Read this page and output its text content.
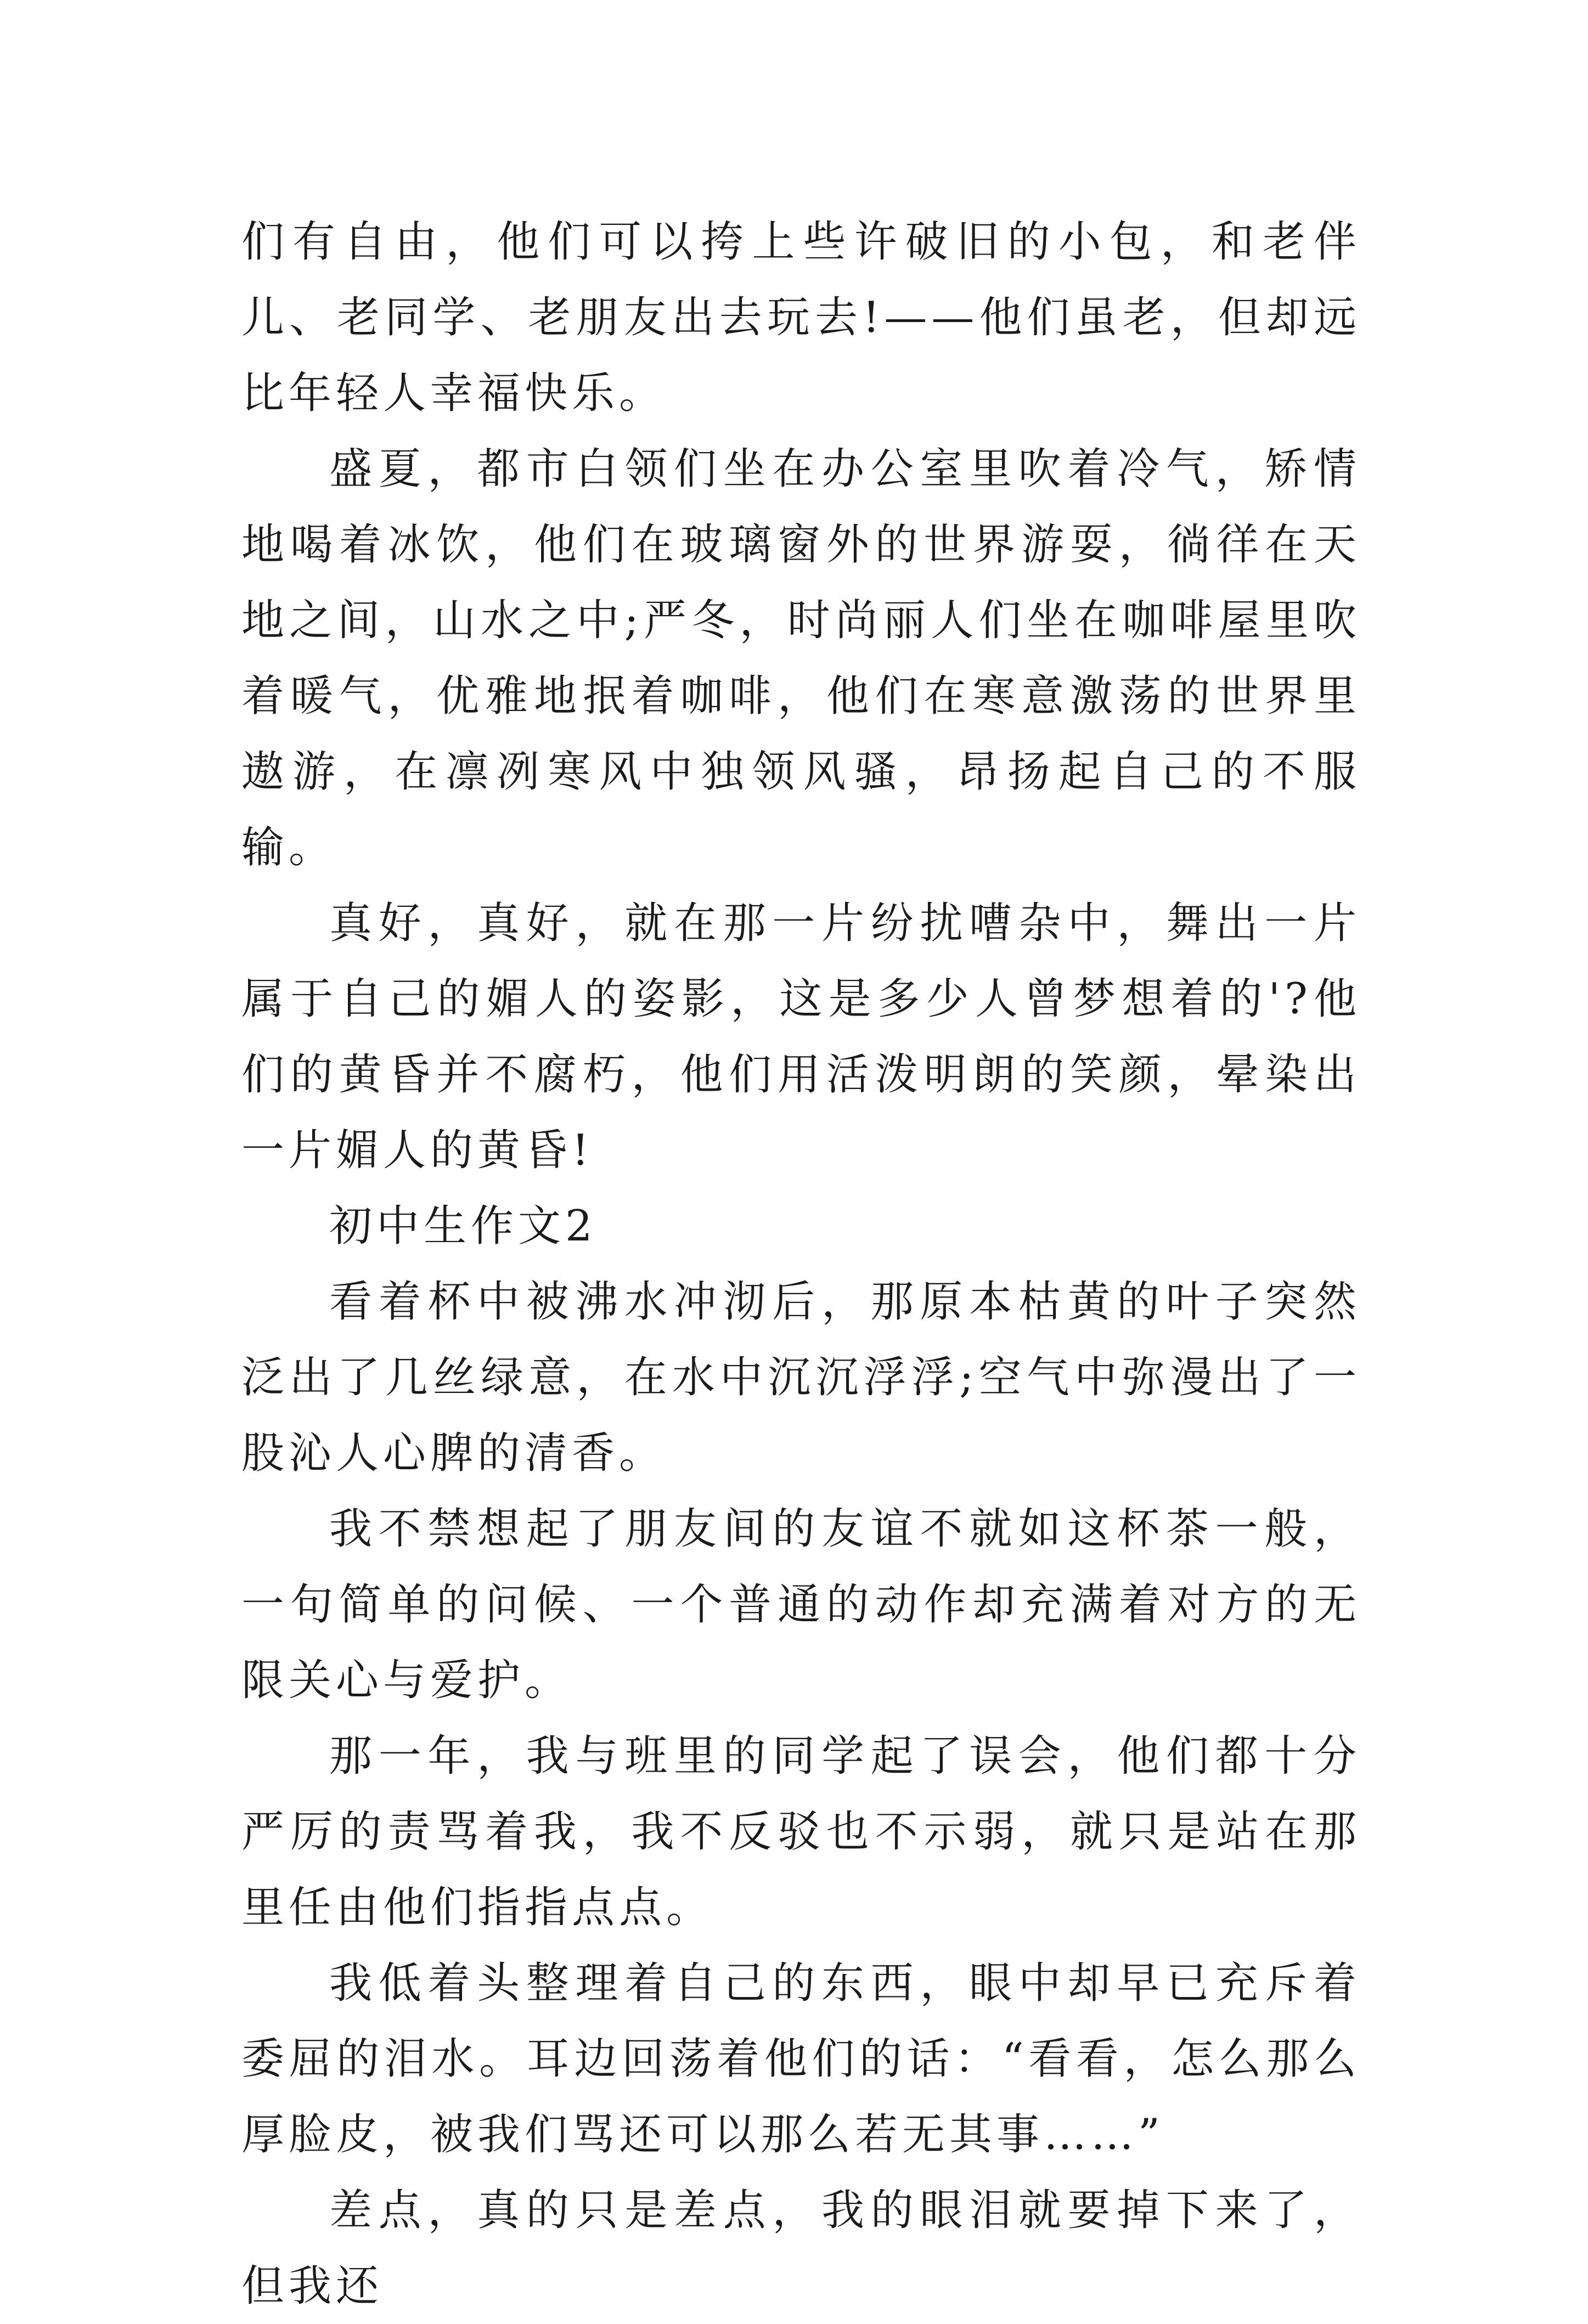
们有自由，他们可以挎上些许破旧的小包，和老伴儿、老同学、老朋友出去玩去!——他们虽老，但却远比年轻人幸福快乐。

盛夏，都市白领们坐在办公室里吹着冷气，矫情地喝着冰饮，他们在玻璃窗外的世界游耍，徜徉在天地之间，山水之中;严冬，时尚丽人们坐在咖啡屋里吹着暖气，优雅地抿着咖啡，他们在寒意激荡的世界里遨游，在凛冽寒风中独领风骚，昂扬起自己的不服输。

真好，真好，就在那一片纷扰嘈杂中，舞出一片属于自己的媚人的姿影，这是多少人曾梦想着的'?他们的黄昏并不腐朽，他们用活泼明朗的笑颜，晕染出一片媚人的黄昏!

初中生作文2

看着杯中被沸水冲沏后，那原本枯黄的叶子突然泛出了几丝绿意，在水中沉沉浮浮;空气中弥漫出了一股沁人心脾的清香。

我不禁想起了朋友间的友谊不就如这杯茶一般，一句简单的问候、一个普通的动作却充满着对方的无限关心与爱护。

那一年，我与班里的同学起了误会，他们都十分严厉的责骂着我，我不反驳也不示弱，就只是站在那里任由他们指指点点。

我低着头整理着自己的东西，眼中却早已充斥着委屈的泪水。耳边回荡着他们的话：“看看，怎么那么厚脸皮，被我们骂还可以那么若无其事……”

差点，真的只是差点，我的眼泪就要掉下来了，但我还
